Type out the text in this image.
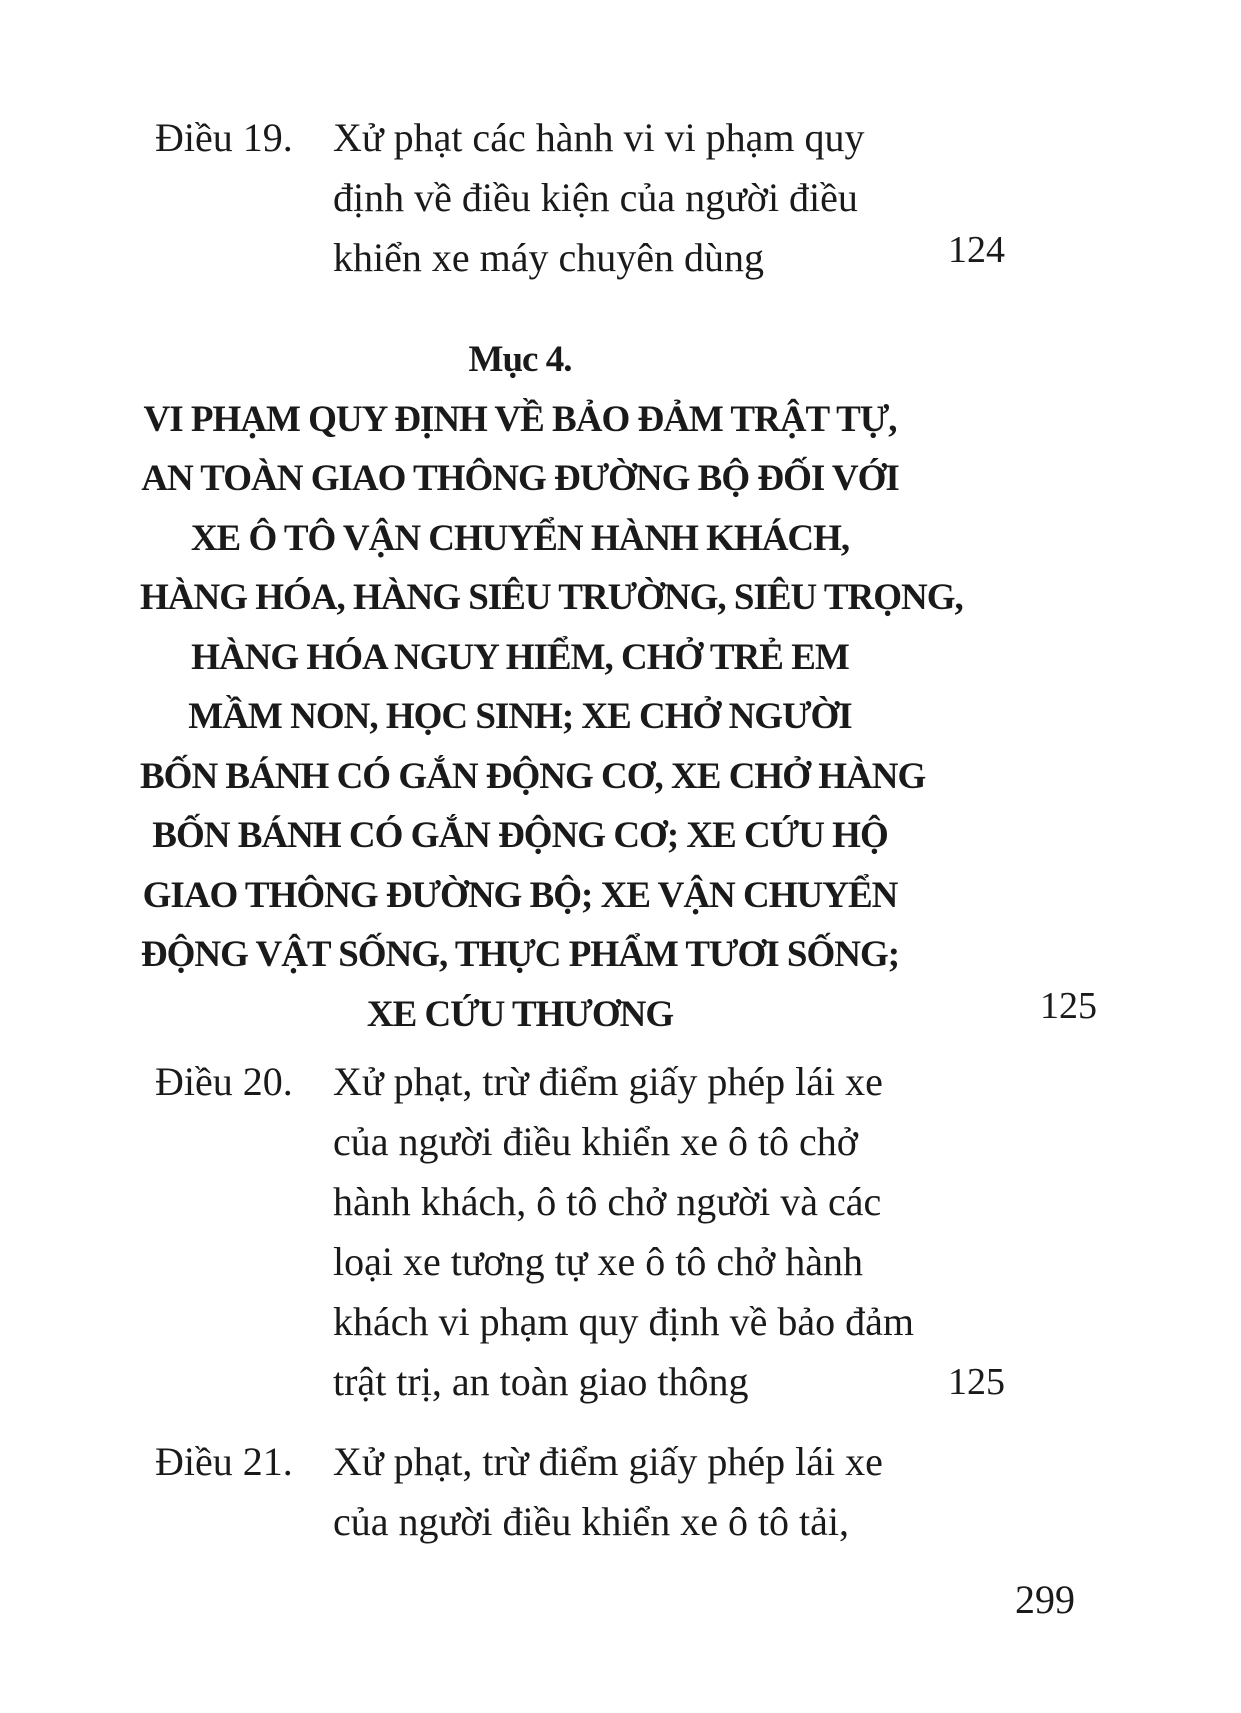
Điều 19. Xử phạt các hành vi vi phạm quy
định về điều kiện của người điều
khiển xe máy chuyên dùng	124
Mục 4.
VI PHẠM QUY ĐỊNH VỀ BẢO ĐẢM TRẬT TỰ,
AN TOÀN GIAO THÔNG ĐƯỜNG BỘ ĐỐI VỚI
XE Ô TÔ VẬN CHUYỂN HÀNH KHÁCH,
HÀNG HÓA, HÀNG SIÊU TRƯỜNG, SIÊU TRỌNG,
HÀNG HÓA NGUY HIỂM, CHỞ TRẺ EM
MẦM NON, HỌC SINH; XE CHỞ NGƯỜI
BỐN BÁNH CÓ GẮN ĐỘNG CƠ, XE CHỞ HÀNG
BỐN BÁNH CÓ GẮN ĐỘNG CƠ; XE CỨU HỘ
GIAO THÔNG ĐƯỜNG BỘ; XE VẬN CHUYỂN
ĐỘNG VẬT SỐNG, THỰC PHẨM TƯƠI SỐNG;
XE CỨU THƯƠNG	125
Điều 20. Xử phạt, trừ điểm giấy phép lái xe
của người điều khiển xe ô tô chở
hành khách, ô tô chở người và các
loại xe tương tự xe ô tô chở hành
khách vi phạm quy định về bảo đảm
trật trị, an toàn giao thông	125
Điều 21. Xử phạt, trừ điểm giấy phép lái xe
của người điều khiển xe ô tô tải,
299
